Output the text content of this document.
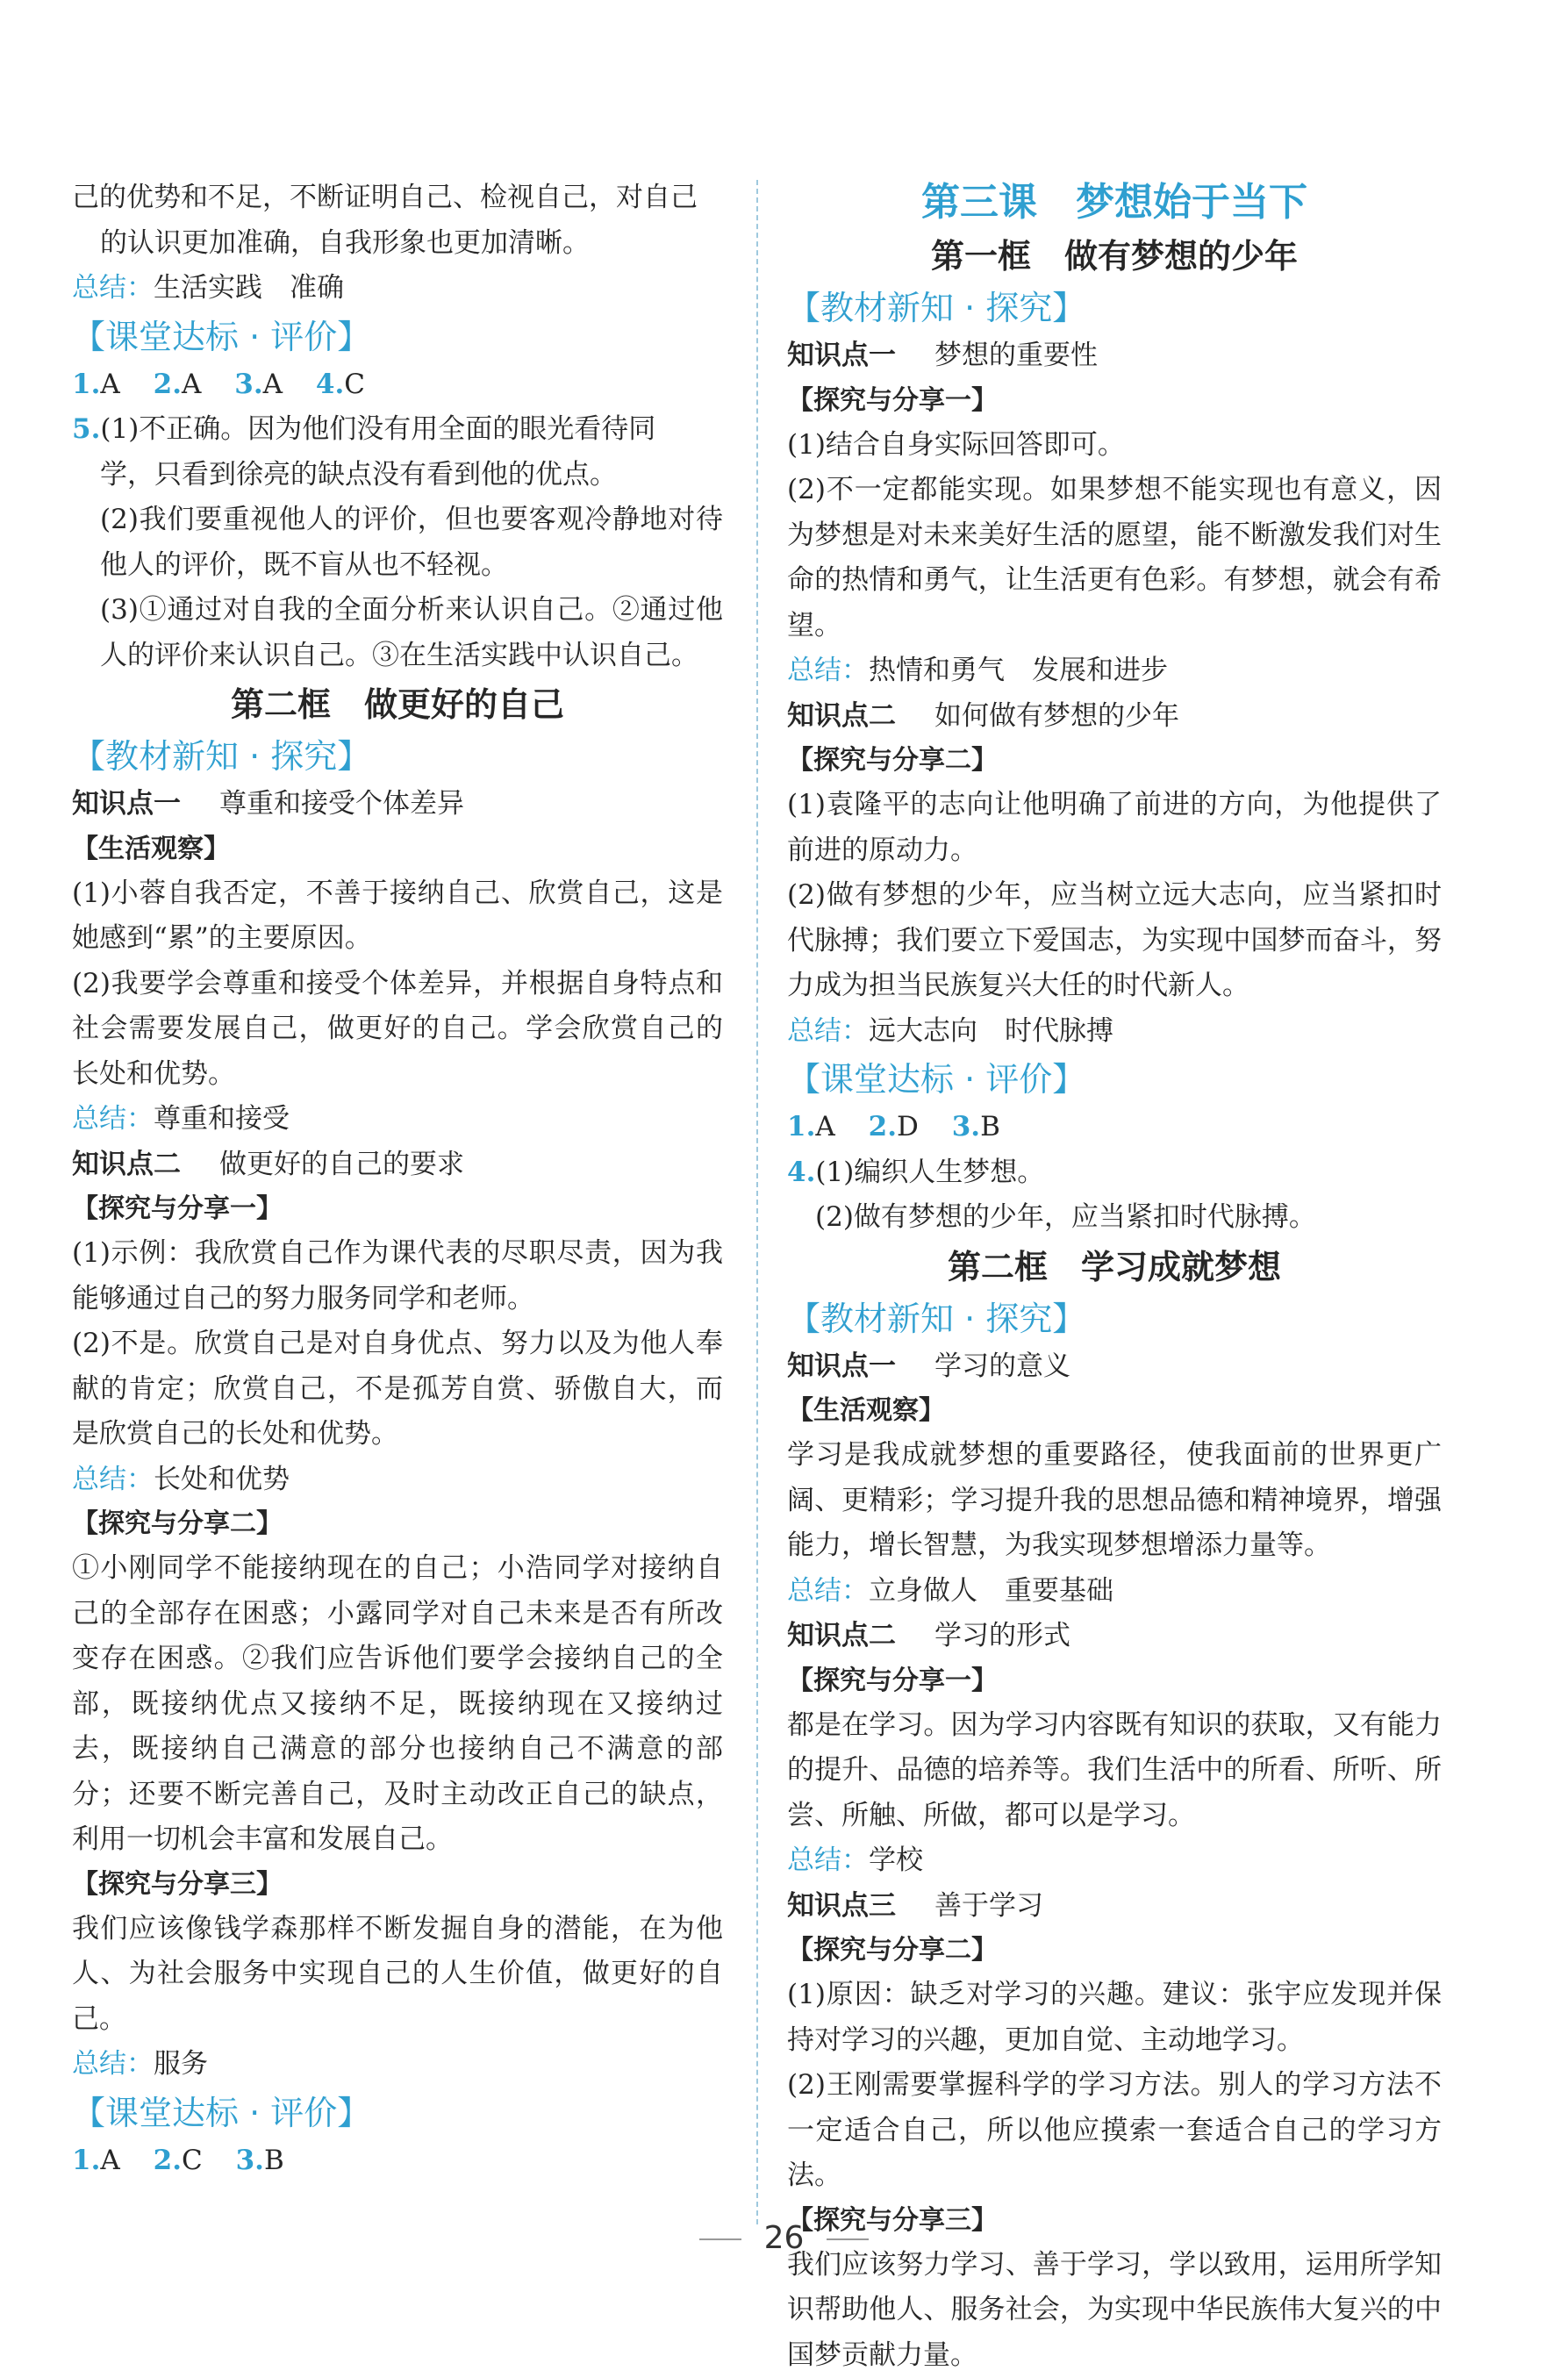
己的优势和不足，不断证明自己、检视自己，对自己
的认识更加准确，自我形象也更加清晰。
总结：生活实践　准确
【课堂达标 · 评价】
1.A 2.A 3.A 4.C
5.(1)不正确。因为他们没有用全面的眼光看待同
学，只看到徐亮的缺点没有看到他的优点。
(2)我们要重视他人的评价，但也要客观冷静地对待他人的评价，既不盲从也不轻视。
(3)①通过对自我的全面分析来认识自己。②通过他人的评价来认识自己。③在生活实践中认识自己。
第二框　做更好的自己
【教材新知 · 探究】
知识点一 尊重和接受个体差异
【生活观察】
(1)小蓉自我否定，不善于接纳自己、欣赏自己，这是她感到“累”的主要原因。
(2)我要学会尊重和接受个体差异，并根据自身特点和社会需要发展自己，做更好的自己。学会欣赏自己的长处和优势。
总结：尊重和接受
知识点二 做更好的自己的要求
【探究与分享一】
(1)示例：我欣赏自己作为课代表的尽职尽责，因为我能够通过自己的努力服务同学和老师。
(2)不是。欣赏自己是对自身优点、努力以及为他人奉献的肯定；欣赏自己，不是孤芳自赏、骄傲自大，而是欣赏自己的长处和优势。
总结：长处和优势
【探究与分享二】
①小刚同学不能接纳现在的自己；小浩同学对接纳自己的全部存在困惑；小露同学对自己未来是否有所改变存在困惑。②我们应告诉他们要学会接纳自己的全部，既接纳优点又接纳不足，既接纳现在又接纳过去，既接纳自己满意的部分也接纳自己不满意的部分；还要不断完善自己，及时主动改正自己的缺点，利用一切机会丰富和发展自己。
【探究与分享三】
我们应该像钱学森那样不断发掘自身的潜能，在为他人、为社会服务中实现自己的人生价值，做更好的自己。
总结：服务
【课堂达标 · 评价】
1.A 2.C 3.B
第三课　梦想始于当下
第一框　做有梦想的少年
【教材新知 · 探究】
知识点一 梦想的重要性
【探究与分享一】
(1)结合自身实际回答即可。
(2)不一定都能实现。如果梦想不能实现也有意义，因为梦想是对未来美好生活的愿望，能不断激发我们对生命的热情和勇气，让生活更有色彩。有梦想，就会有希望。
总结：热情和勇气　发展和进步
知识点二 如何做有梦想的少年
【探究与分享二】
(1)袁隆平的志向让他明确了前进的方向，为他提供了前进的原动力。
(2)做有梦想的少年，应当树立远大志向，应当紧扣时代脉搏；我们要立下爱国志，为实现中国梦而奋斗，努力成为担当民族复兴大任的时代新人。
总结：远大志向　时代脉搏
【课堂达标 · 评价】
1.A 2.D 3.B
4.(1)编织人生梦想。
(2)做有梦想的少年，应当紧扣时代脉搏。
第二框　学习成就梦想
【教材新知 · 探究】
知识点一 学习的意义
【生活观察】
学习是我成就梦想的重要路径，使我面前的世界更广阔、更精彩；学习提升我的思想品德和精神境界，增强能力，增长智慧，为我实现梦想增添力量等。
总结：立身做人　重要基础
知识点二 学习的形式
【探究与分享一】
都是在学习。因为学习内容既有知识的获取，又有能力的提升、品德的培养等。我们生活中的所看、所听、所尝、所触、所做，都可以是学习。
总结：学校
知识点三 善于学习
【探究与分享二】
(1)原因：缺乏对学习的兴趣。建议：张宇应发现并保持对学习的兴趣，更加自觉、主动地学习。
(2)王刚需要掌握科学的学习方法。别人的学习方法不一定适合自己，所以他应摸索一套适合自己的学习方法。
【探究与分享三】
我们应该努力学习、善于学习，学以致用，运用所学知识帮助他人、服务社会，为实现中华民族伟大复兴的中国梦贡献力量。
26
